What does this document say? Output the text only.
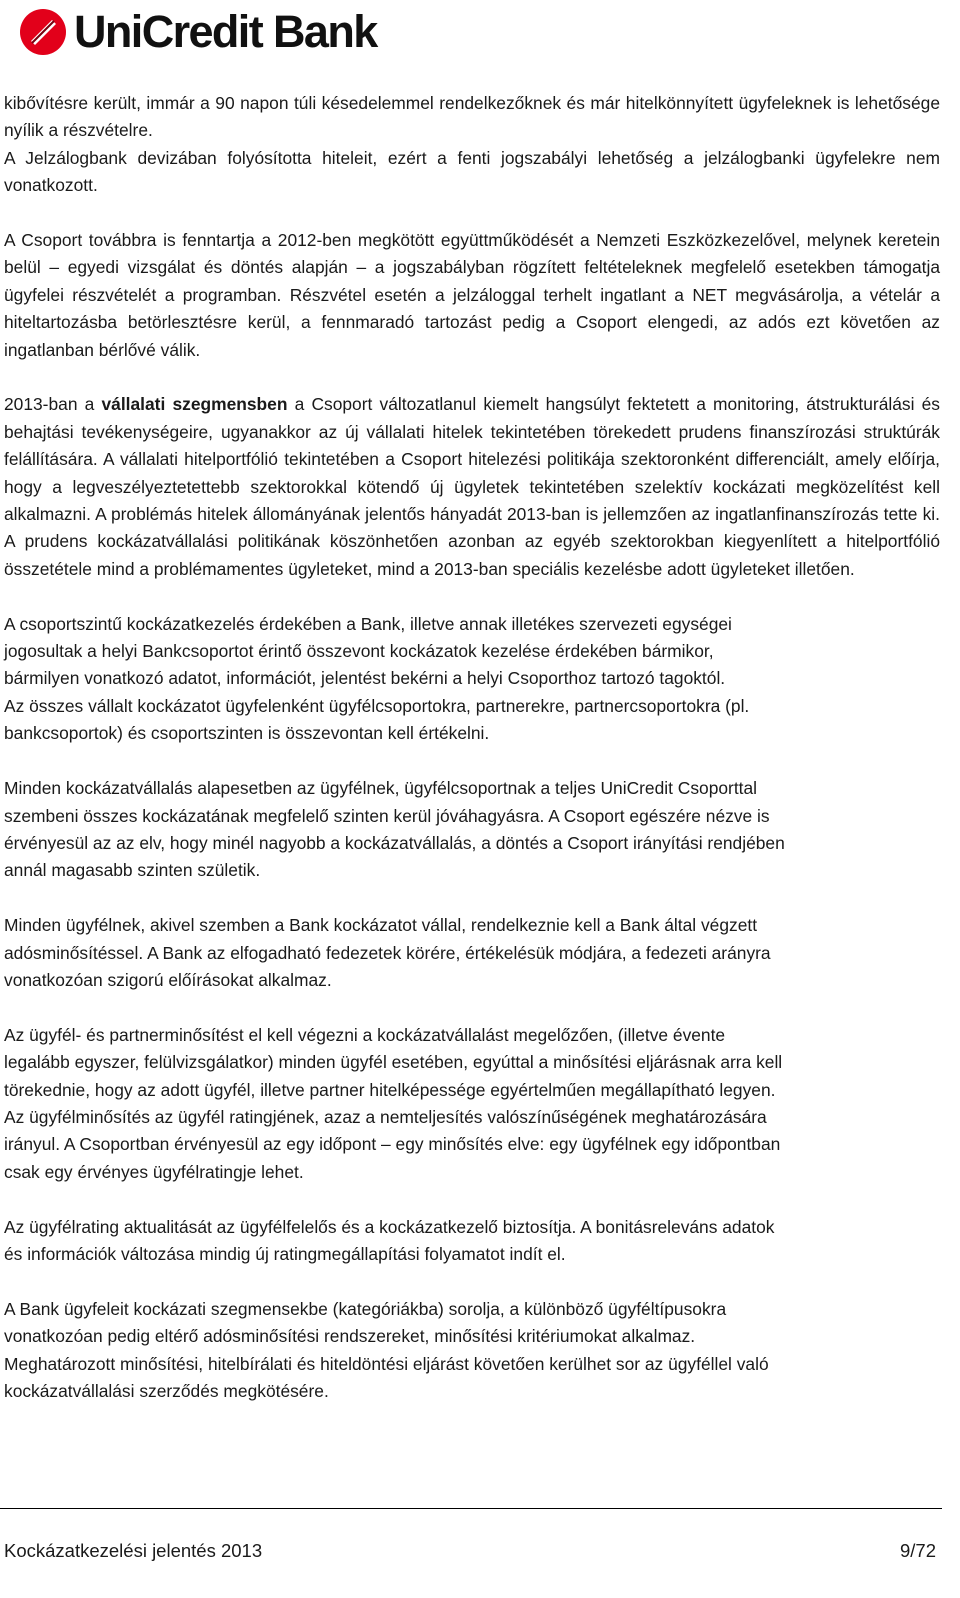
UniCredit Bank

kibővítésre került, immár a 90 napon túli késedelemmel rendelkezőknek és már hitelkönnyített ügyfeleknek is lehetősége nyílik a részvételre.
A Jelzálogbank devizában folyósította hiteleit, ezért a fenti jogszabályi lehetőség a jelzálogbanki ügyfelekre nem vonatkozott.

A Csoport továbbra is fenntartja a 2012-ben megkötött együttműködését a Nemzeti Eszközkezelővel, melynek keretein belül – egyedi vizsgálat és döntés alapján – a jogszabályban rögzített feltételeknek megfelelő esetekben támogatja ügyfelei részvételét a programban. Részvétel esetén a jelzáloggal terhelt ingatlant a NET megvásárolja, a vételár a hiteltartozásba betörlesztésre kerül, a fennmaradó tartozást pedig a Csoport elengedi, az adós ezt követően az ingatlanban bérlővé válik.

2013-ban a vállalati szegmensben a Csoport változatlanul kiemelt hangsúlyt fektetett a monitoring, átstrukturálási és behajtási tevékenységeire, ugyanakkor az új vállalati hitelek tekintetében törekedett prudens finanszírozási struktúrák felállítására. A vállalati hitelportfólió tekintetében a Csoport hitelezési politikája szektoronként differenciált, amely előírja, hogy a legveszélyeztetettebb szektorokkal kötendő új ügyletek tekintetében szelektív kockázati megközelítést kell alkalmazni. A problémás hitelek állományának jelentős hányadát 2013-ban is jellemzően az ingatlanfinanszírozás tette ki. A prudens kockázatvállalási politikának köszönhetően azonban az egyéb szektorokban kiegyenlített a hitelportfólió összetétele mind a problémamentes ügyleteket, mind a 2013-ban speciális kezelésbe adott ügyleteket illetően.

A csoportszintű kockázatkezelés érdekében a Bank, illetve annak illetékes szervezeti egységei
jogosultak a helyi Bankcsoportot érintő összevont kockázatok kezelése érdekében bármikor,
bármilyen vonatkozó adatot, információt, jelentést bekérni a helyi Csoporthoz tartozó tagoktól.
Az összes vállalt kockázatot ügyfelenként ügyfélcsoportokra, partnerekre, partnercsoportokra (pl.
bankcsoportok) és csoportszinten is összevontan kell értékelni.

Minden kockázatvállalás alapesetben az ügyfélnek, ügyfélcsoportnak a teljes UniCredit Csoporttal
szembeni összes kockázatának megfelelő szinten kerül jóváhagyásra. A Csoport egészére nézve is
érvényesül az az elv, hogy minél nagyobb a kockázatvállalás, a döntés a Csoport irányítási rendjében
annál magasabb szinten születik.

Minden ügyfélnek, akivel szemben a Bank kockázatot vállal, rendelkeznie kell a Bank által végzett
adósminősítéssel. A Bank az elfogadható fedezetek körére, értékelésük módjára, a fedezeti arányra
vonatkozóan szigorú előírásokat alkalmaz.

Az ügyfél- és partnerminősítést el kell végezni a kockázatvállalást megelőzően, (illetve évente
legalább egyszer, felülvizsgálatkor) minden ügyfél esetében, egyúttal a minősítési eljárásnak arra kell
törekednie, hogy az adott ügyfél, illetve partner hitelképessége egyértelműen megállapítható legyen.
Az ügyfélminősítés az ügyfél ratingjének, azaz a nemteljesítés valószínűségének meghatározására
irányul. A Csoportban érvényesül az egy időpont – egy minősítés elve: egy ügyfélnek egy időpontban
csak egy érvényes ügyfélratingje lehet.

Az ügyfélrating aktualitását az ügyfélfelelős és a kockázatkezelő biztosítja. A bonitásreleváns adatok
és információk változása mindig új ratingmegállapítási folyamatot indít el.

A Bank ügyfeleit kockázati szegmensekbe (kategóriákba) sorolja, a különböző ügyféltípusokra
vonatkozóan pedig eltérő adósminősítési rendszereket, minősítési kritériumokat alkalmaz.
Meghatározott minősítési, hitelbírálati és hiteldöntési eljárást követően kerülhet sor az ügyféllel való
kockázatvállalási szerződés megkötésére.

Kockázatkezelési jelentés 2013	9/72
